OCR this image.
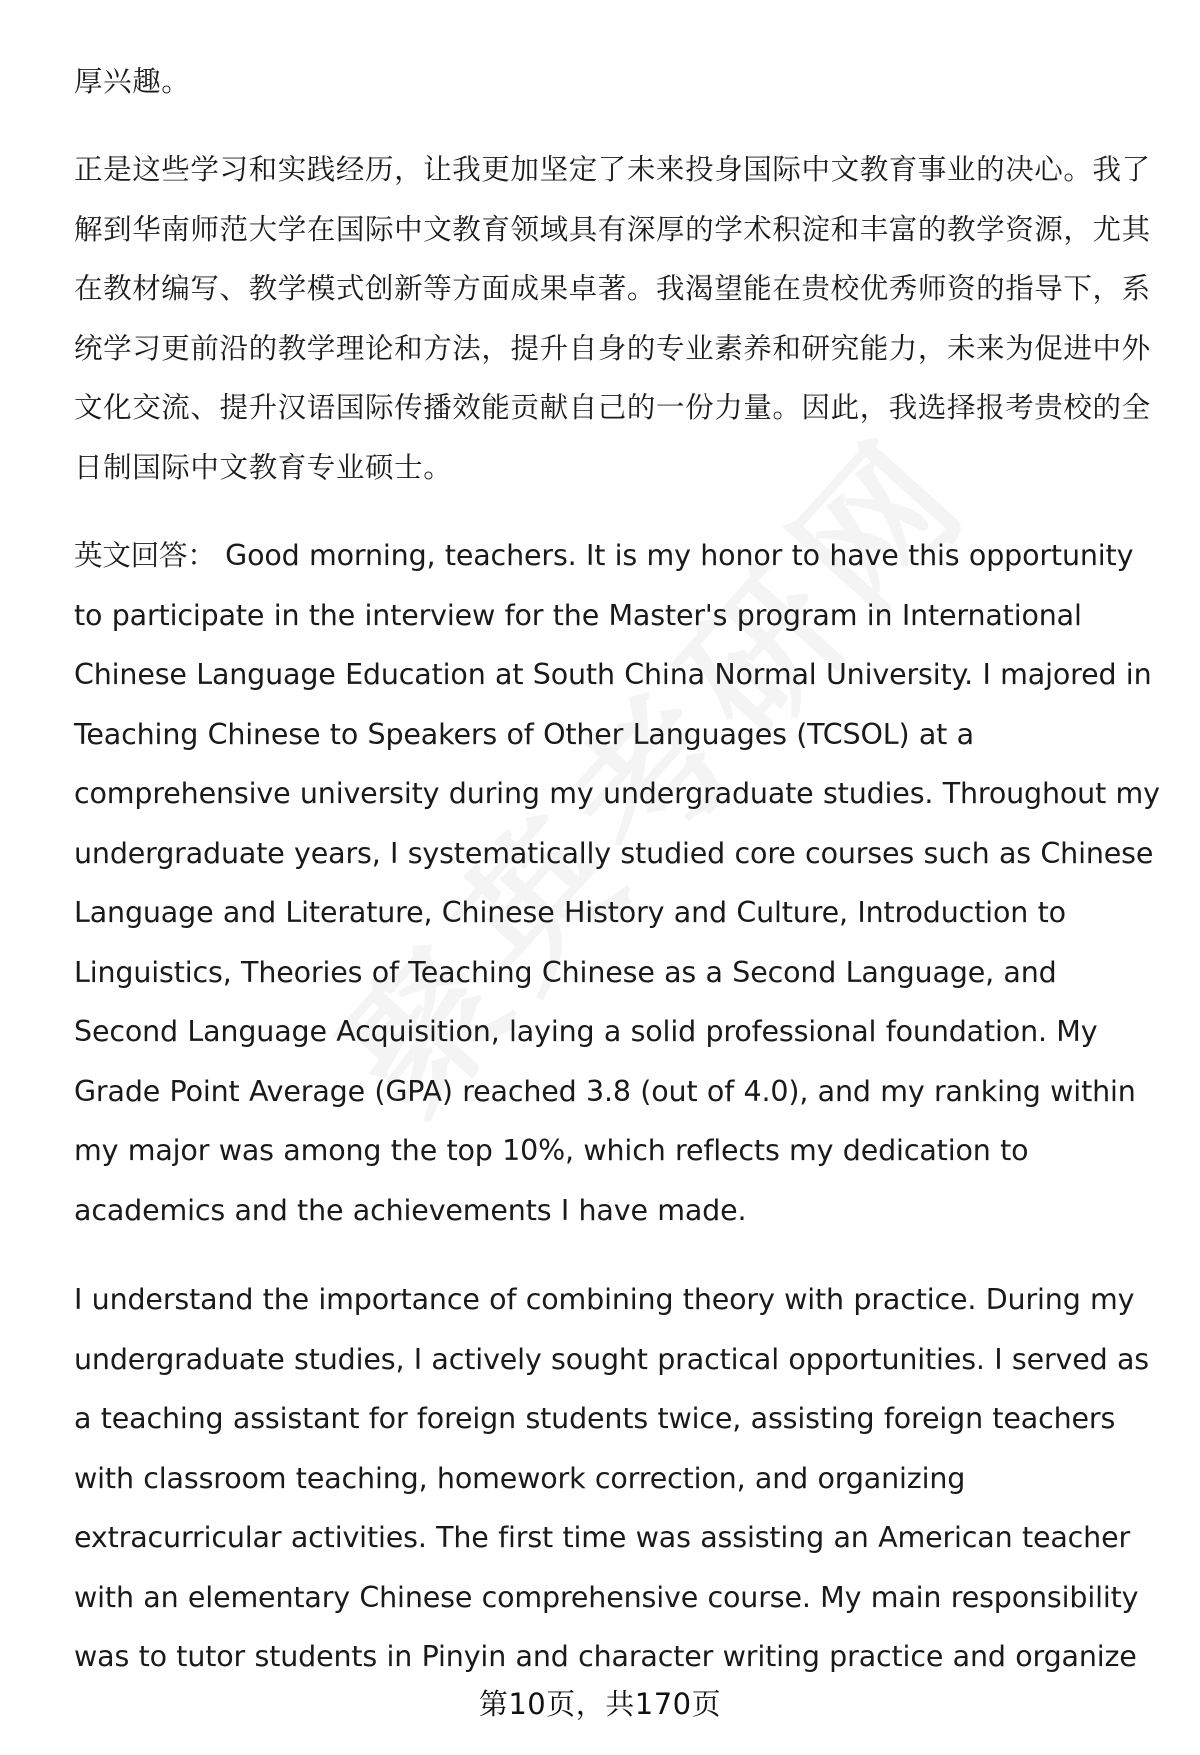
厚兴趣。

正是这些学习和实践经历，让我更加坚定了未来投身国际中文教育事业的决心。我了解到华南师范大学在国际中文教育领域具有深厚的学术积淀和丰富的教学资源，尤其在教材编写、教学模式创新等方面成果卓著。我渴望能在贵校优秀师资的指导下，系统学习更前沿的教学理论和方法，提升自身的专业素养和研究能力，未来为促进中外文化交流、提升汉语国际传播效能贡献自己的一份力量。因此，我选择报考贵校的全日制国际中文教育专业硕士。

英文回答： Good morning, teachers. It is my honor to have this opportunity to participate in the interview for the Master's program in International Chinese Language Education at South China Normal University. I majored in Teaching Chinese to Speakers of Other Languages (TCSOL) at a comprehensive university during my undergraduate studies. Throughout my undergraduate years, I systematically studied core courses such as Chinese Language and Literature, Chinese History and Culture, Introduction to Linguistics, Theories of Teaching Chinese as a Second Language, and Second Language Acquisition, laying a solid professional foundation. My Grade Point Average (GPA) reached 3.8 (out of 4.0), and my ranking within my major was among the top 10%, which reflects my dedication to academics and the achievements I have made.

I understand the importance of combining theory with practice. During my undergraduate studies, I actively sought practical opportunities. I served as a teaching assistant for foreign students twice, assisting foreign teachers with classroom teaching, homework correction, and organizing extracurricular activities. The first time was assisting an American teacher with an elementary Chinese comprehensive course. My main responsibility was to tutor students in Pinyin and character writing practice and organize

第10页，共170页
